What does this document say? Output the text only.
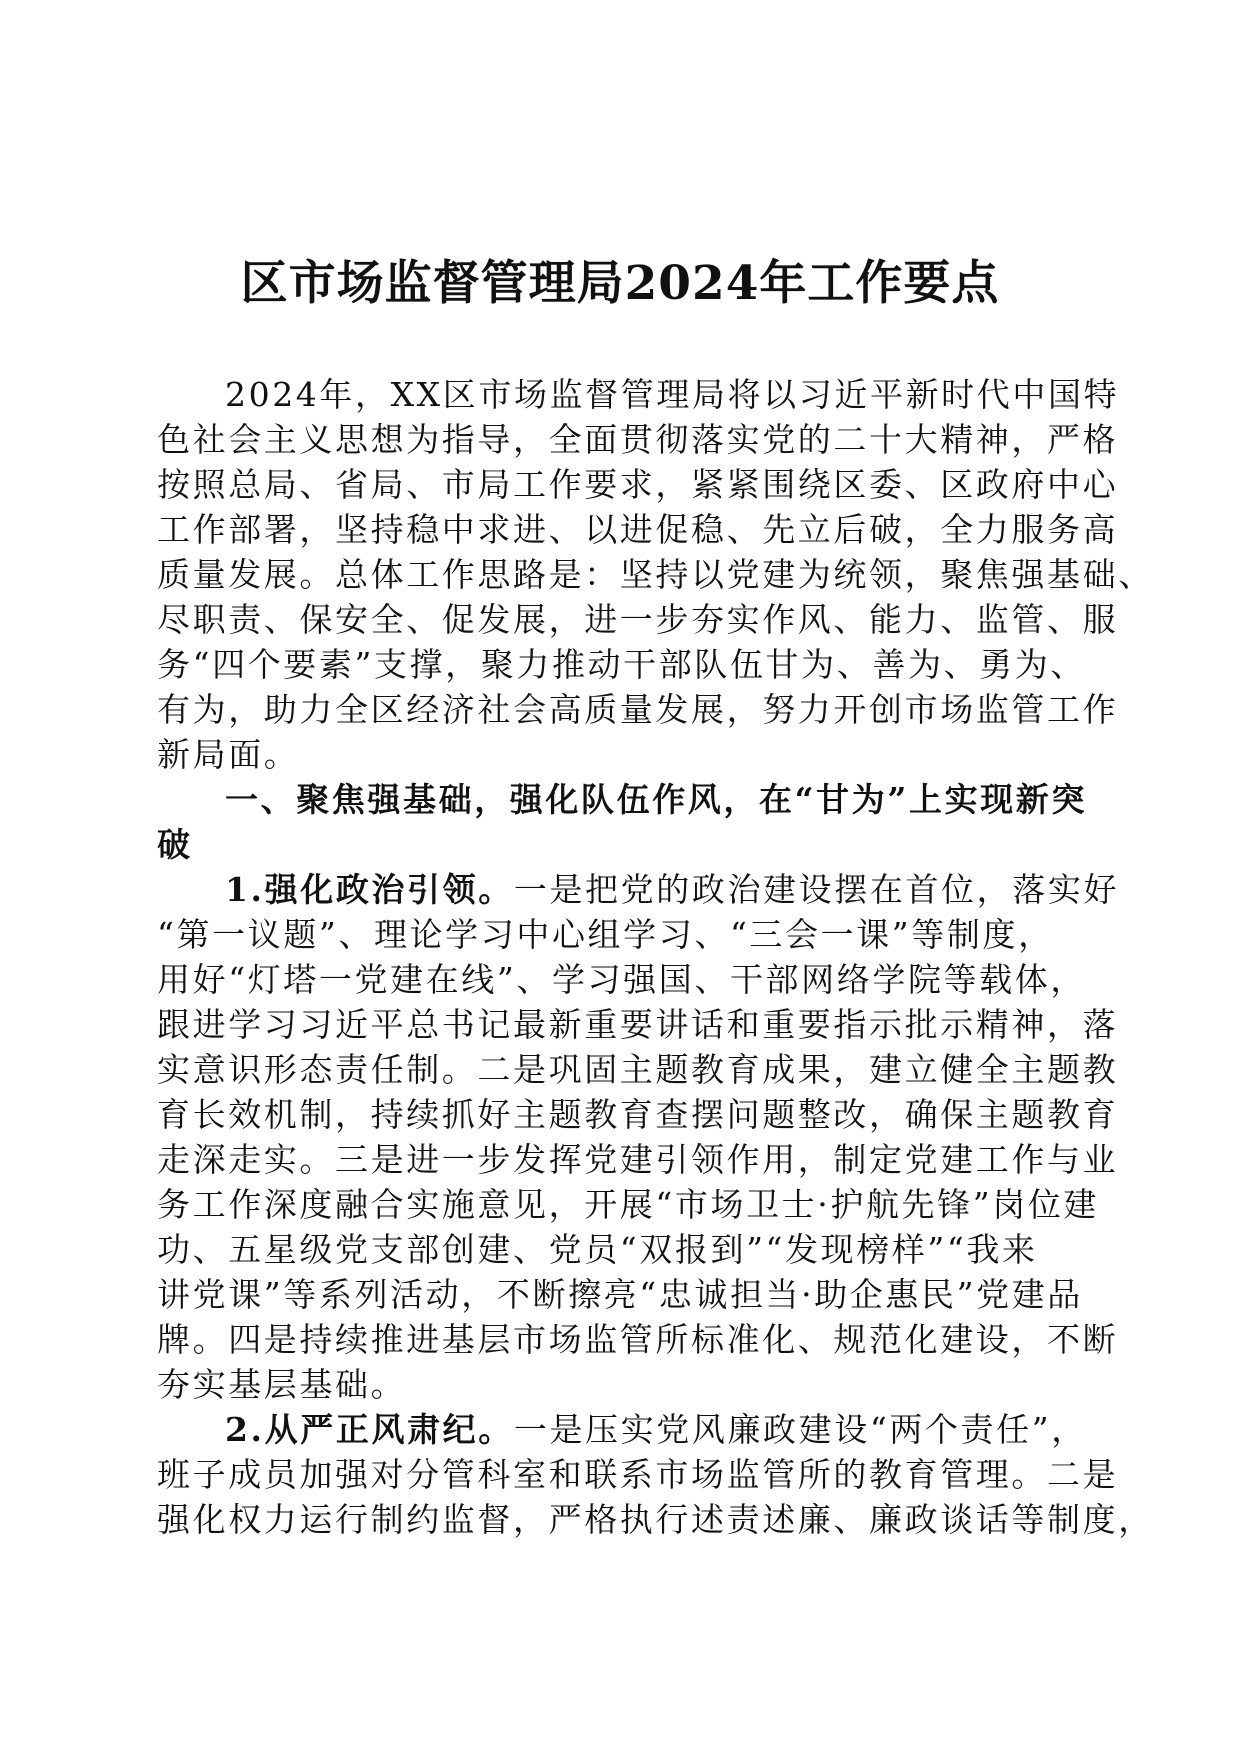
区市场监督管理局2024年工作要点
2024年，XX区市场监督管理局将以习近平新时代中国特
色社会主义思想为指导，全面贯彻落实党的二十大精神，严格
按照总局、省局、市局工作要求，紧紧围绕区委、区政府中心
工作部署，坚持稳中求进、以进促稳、先立后破，全力服务高
质量发展。总体工作思路是：坚持以党建为统领，聚焦强基础、
尽职责、保安全、促发展，进一步夯实作风、能力、监管、服
务“四个要素”支撑，聚力推动干部队伍甘为、善为、勇为、
有为，助力全区经济社会高质量发展，努力开创市场监管工作
新局面。
一、聚焦强基础，强化队伍作风，在“甘为”上实现新突
破
1.强化政治引领。一是把党的政治建设摆在首位，落实好
“第一议题”、理论学习中心组学习、“三会一课”等制度，
用好“灯塔一党建在线”、学习强国、干部网络学院等载体，
跟进学习习近平总书记最新重要讲话和重要指示批示精神，落
实意识形态责任制。二是巩固主题教育成果，建立健全主题教
育长效机制，持续抓好主题教育查摆问题整改，确保主题教育
走深走实。三是进一步发挥党建引领作用，制定党建工作与业
务工作深度融合实施意见，开展“市场卫士·护航先锋”岗位建
功、五星级党支部创建、党员“双报到”“发现榜样”“我来
讲党课”等系列活动，不断擦亮“忠诚担当·助企惠民”党建品
牌。四是持续推进基层市场监管所标准化、规范化建设，不断
夯实基层基础。
2.从严正风肃纪。一是压实党风廉政建设“两个责任”，
班子成员加强对分管科室和联系市场监管所的教育管理。二是
强化权力运行制约监督，严格执行述责述廉、廉政谈话等制度，
